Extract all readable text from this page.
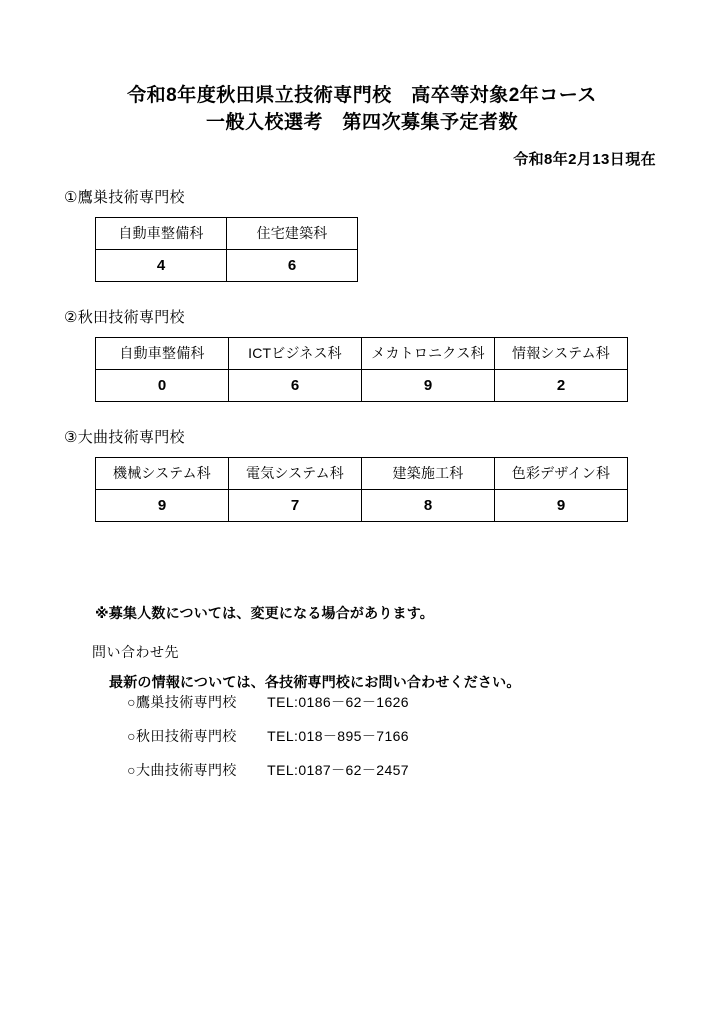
令和8年度秋田県立技術専門校　高卒等対象2年コース
一般入校選考　第四次募集予定者数
令和8年2月13日現在
①鷹巣技術専門校
自動車整備科	住宅建築科
4	6
②秋田技術専門校
自動車整備科	ICTビジネス科	メカトロニクス科	情報システム科
0	6	9	2
③大曲技術専門校
機械システム科	電気システム科	建築施工科	色彩デザイン科
9	7	8	9

※募集人数については、変更になる場合があります。

最新の情報については、各技術専門校にお問い合わせください。

問い合わせ先

○鷹巣技術専門校 TEL:0186－62－1626

○秋田技術専門校 TEL:018－895－7166

○大曲技術専門校 TEL:0187－62－2457
